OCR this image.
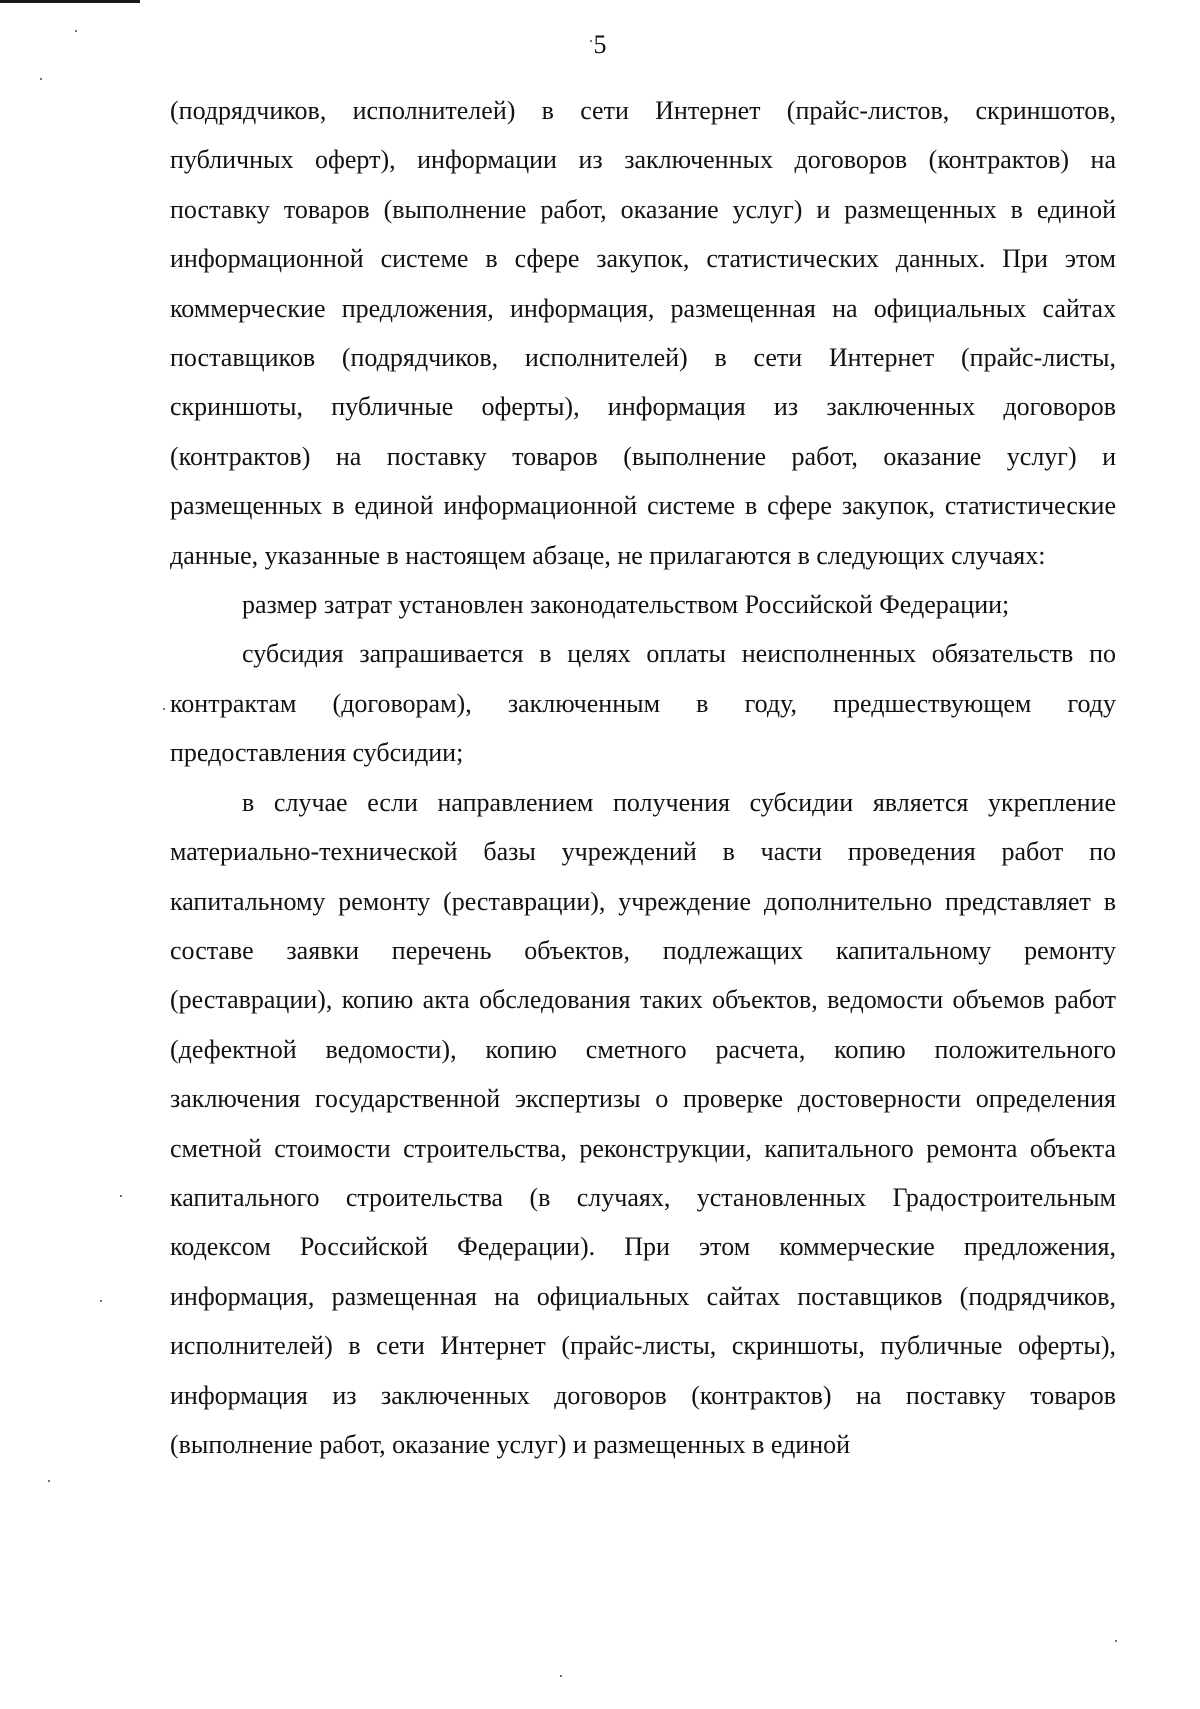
5

(подрядчиков, исполнителей) в сети Интернет (прайс-листов, скриншотов, публичных оферт), информации из заключенных договоров (контрактов) на поставку товаров (выполнение работ, оказание услуг) и размещенных в единой информационной системе в сфере закупок, статистических данных. При этом коммерческие предложения, информация, размещенная на официальных сайтах поставщиков (подрядчиков, исполнителей) в сети Интернет (прайс-листы, скриншоты, публичные оферты), информация из заключенных договоров (контрактов) на поставку товаров (выполнение работ, оказание услуг) и размещенных в единой информационной системе в сфере закупок, статистические данные, указанные в настоящем абзаце, не прилагаются в следующих случаях:

размер затрат установлен законодательством Российской Федерации;

субсидия запрашивается в целях оплаты неисполненных обязательств по контрактам (договорам), заключенным в году, предшествующем году предоставления субсидии;

в случае если направлением получения субсидии является укрепление материально-технической базы учреждений в части проведения работ по капитальному ремонту (реставрации), учреждение дополнительно представляет в составе заявки перечень объектов, подлежащих капитальному ремонту (реставрации), копию акта обследования таких объектов, ведомости объемов работ (дефектной ведомости), копию сметного расчета, копию положительного заключения государственной экспертизы о проверке достоверности определения сметной стоимости строительства, реконструкции, капитального ремонта объекта капитального строительства (в случаях, установленных Градостроительным кодексом Российской Федерации). При этом коммерческие предложения, информация, размещенная на официальных сайтах поставщиков (подрядчиков, исполнителей) в сети Интернет (прайс-листы, скриншоты, публичные оферты), информация из заключенных договоров (контрактов) на поставку товаров (выполнение работ, оказание услуг) и размещенных в единой
